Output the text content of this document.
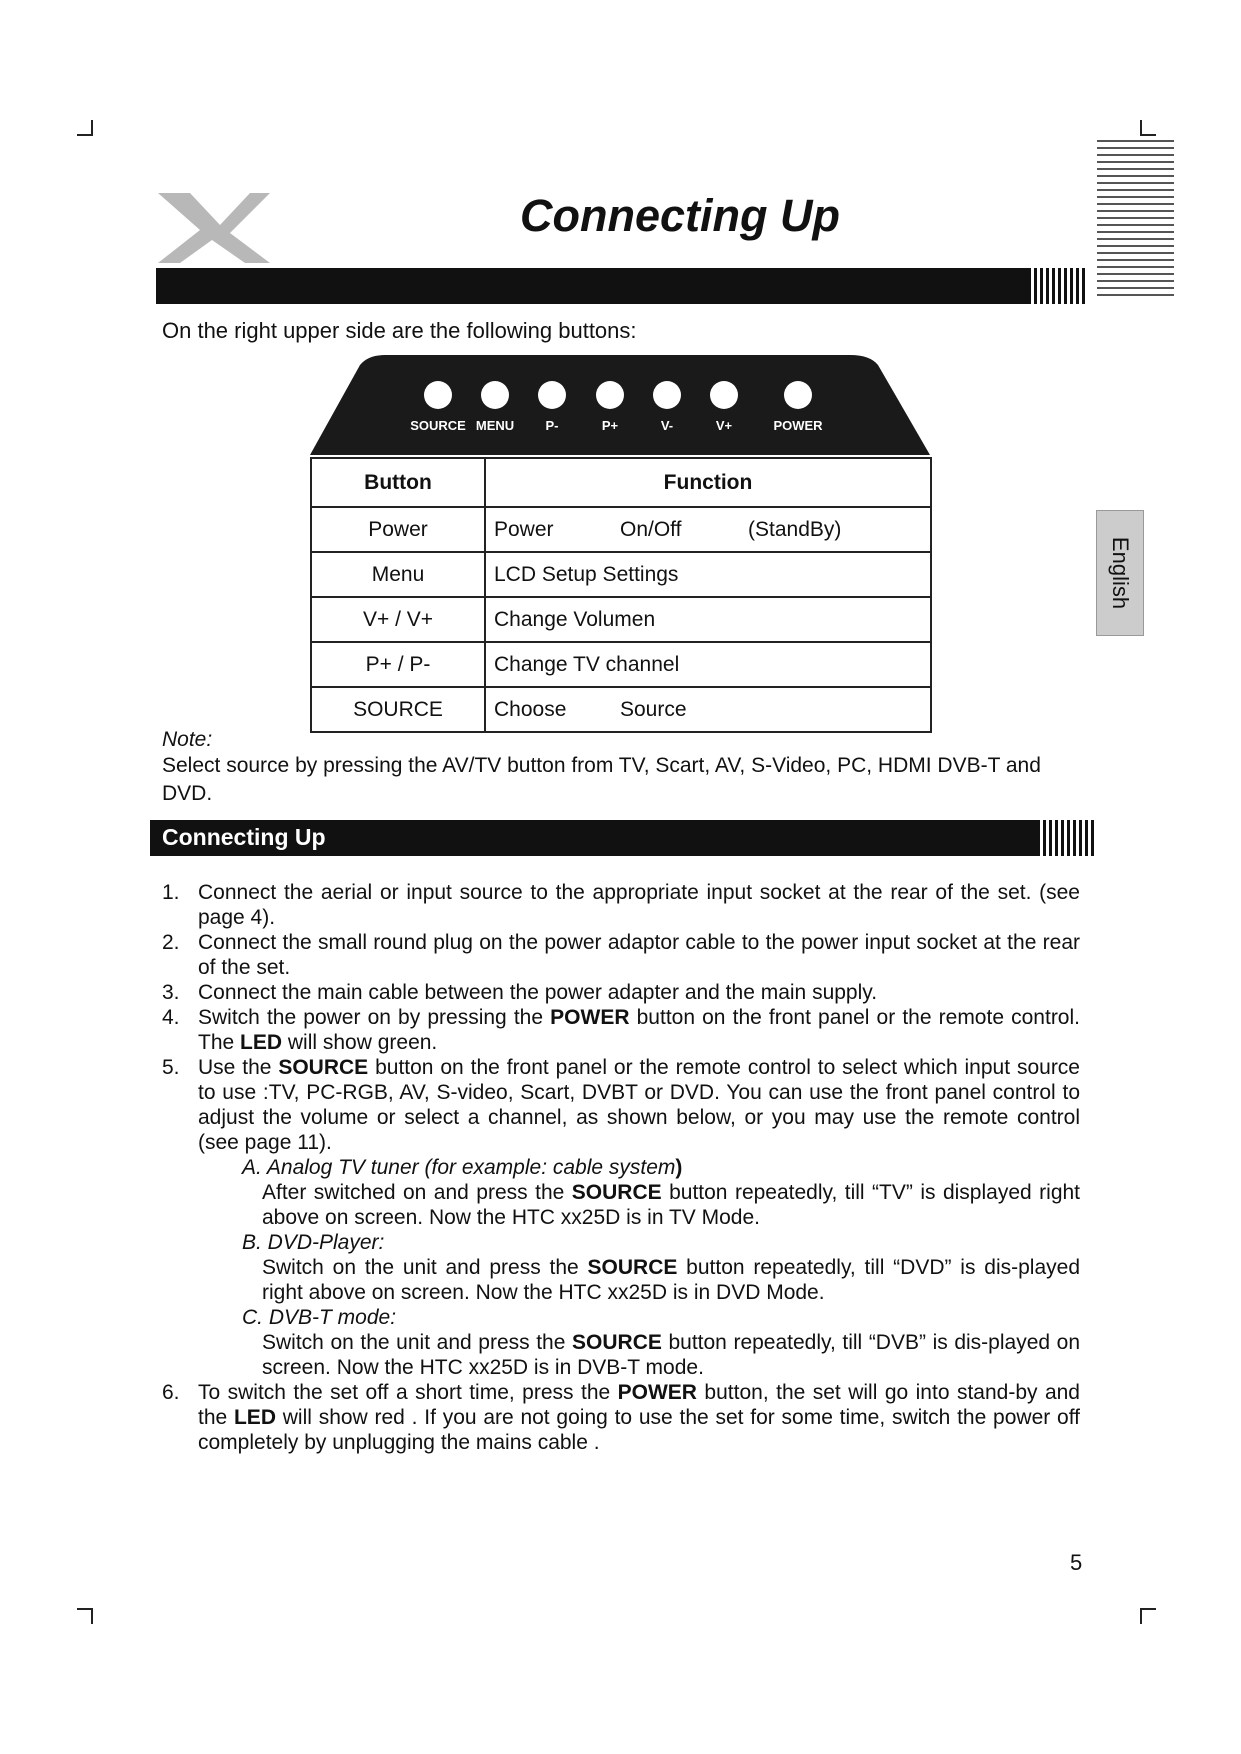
Connecting Up
On the right upper side are the following buttons:
SOURCE MENU P-	P+	V-	V+	POWER
Button	Function
Power	Power On/Off (StandBy)
Menu	LCD Setup Settings
V+ / V+	Change Volumen
P+ / P-	Change TV channel
SOURCE	Choose Source
Note:
Select source by pressing the AV/TV button from TV, Scart, AV, S-Video, PC, HDMI DVB-T and DVD.
Connecting Up
English
1. Connect the aerial or input source to the appropriate input socket at the rear of the set. (see page 4).
2. Connect the small round plug on the power adaptor cable to the power input socket at the rear of the set.
3. Connect the main cable between the power adapter and the main supply.
4. Switch the power on by pressing the POWER button on the front panel or the remote control. The LED will show green.
5. Use the SOURCE button on the front panel or the remote control to select which input source to use :TV, PC-RGB, AV, S-video, Scart, DVBT or DVD. You can use the front panel control to adjust the volume or select a channel, as shown below, or you may use the remote control (see page 11).
A. Analog TV tuner (for example: cable system)
After switched on and press the SOURCE button repeatedly, till “TV” is displayed right above on screen. Now the HTC xx25D is in TV Mode.
B. DVD-Player:
Switch on the unit and press the SOURCE button repeatedly, till “DVD” is dis-played right above on screen. Now the HTC xx25D is in DVD Mode.
C. DVB-T mode:
Switch on the unit and press the SOURCE button repeatedly, till “DVB” is dis-played on screen. Now the HTC xx25D is in DVB-T mode.
6. To switch the set off a short time, press the POWER button, the set will go into stand-by and the LED will show red . If you are not going to use the set for some time, switch the power off completely by unplugging the mains cable .
5
